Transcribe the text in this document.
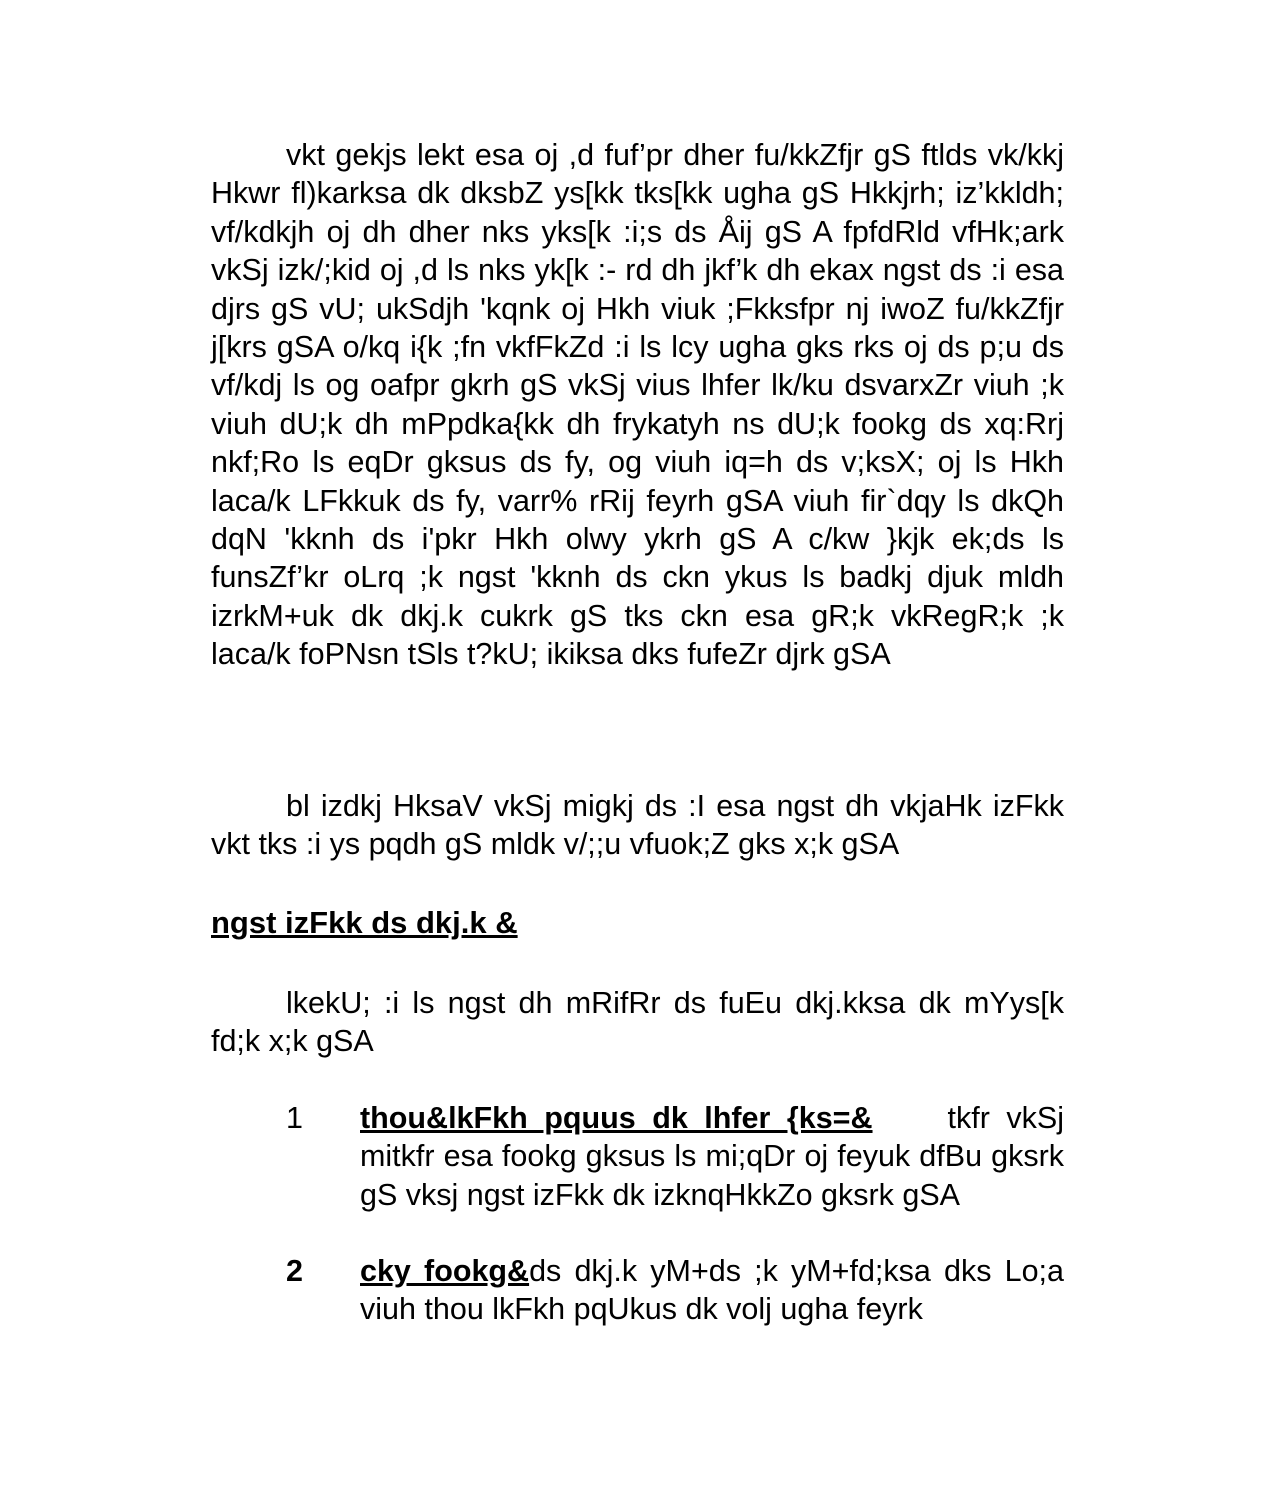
vkt gekjs lekt esa oj ,d fuf’pr dher fu/kkZfjr gS ftlds vk/kkj Hkwr fl)karksa dk dksbZ ys[kk tks[kk ugha gS Hkkjrh; iz’kkldh; vf/kdkjh oj dh dher nks yks[k :i;s ds Åij gS A fpfdRld vfHk;ark vkSj izk/;kid oj ,d ls nks yk[k :- rd dh jkf’k dh ekax ngst ds :i esa djrs gS vU; ukSdjh 'kqnk oj Hkh viuk ;Fkksfpr nj iwoZ fu/kkZfjr j[krs gSA o/kq i{k ;fn vkfFkZd :i ls lcy ugha gks rks oj ds p;u ds vf/kdj ls og oafpr gkrh gS vkSj vius lhfer lk/ku dsvarxZr viuh ;k viuh dU;k dh mPpdka{kk dh frykatyh ns dU;k fookg ds xq:Rrj nkf;Ro ls eqDr gksus ds fy, og viuh iq=h ds v;ksX; oj ls Hkh laca/k LFkkuk ds fy, varr% rRij feyrh gSA viuh fir`dqy ls dkQh dqN 'kknh ds i'pkr Hkh olwy ykrh gS A c/kw }kjk ek;ds ls funsZf’kr oLrq ;k ngst 'kknh ds ckn ykus ls badkj djuk mldh izrkM+uk dk dkj.k cukrk gS tks ckn esa gR;k vkRegR;k ;k laca/k foPNsn tSls t?kU; ikiksa dks fufeZr djrk gSA

bl izdkj HksaV vkSj migkj ds :I esa ngst dh vkjaHk izFkk vkt tks :i ys pqdh gS mldk v/;;u vfuok;Z gks x;k gSA

ngst izFkk ds dkj.k &

lkekU; :i ls ngst dh mRifRr ds fuEu dkj.kksa dk mYys[k fd;k x;k gSA

1 thou&lkFkh pquus dk lhfer {ks=& tkfr vkSj mitkfr esa fookg gksus ls mi;qDr oj feyuk dfBu gksrk gS vksj ngst izFkk dk izknqHkkZo gksrk gSA
2 cky fookg&ds dkj.k yM+ds ;k yM+fd;ksa dks Lo;a viuh thou lkFkh pqUkus dk volj ugha feyrk
